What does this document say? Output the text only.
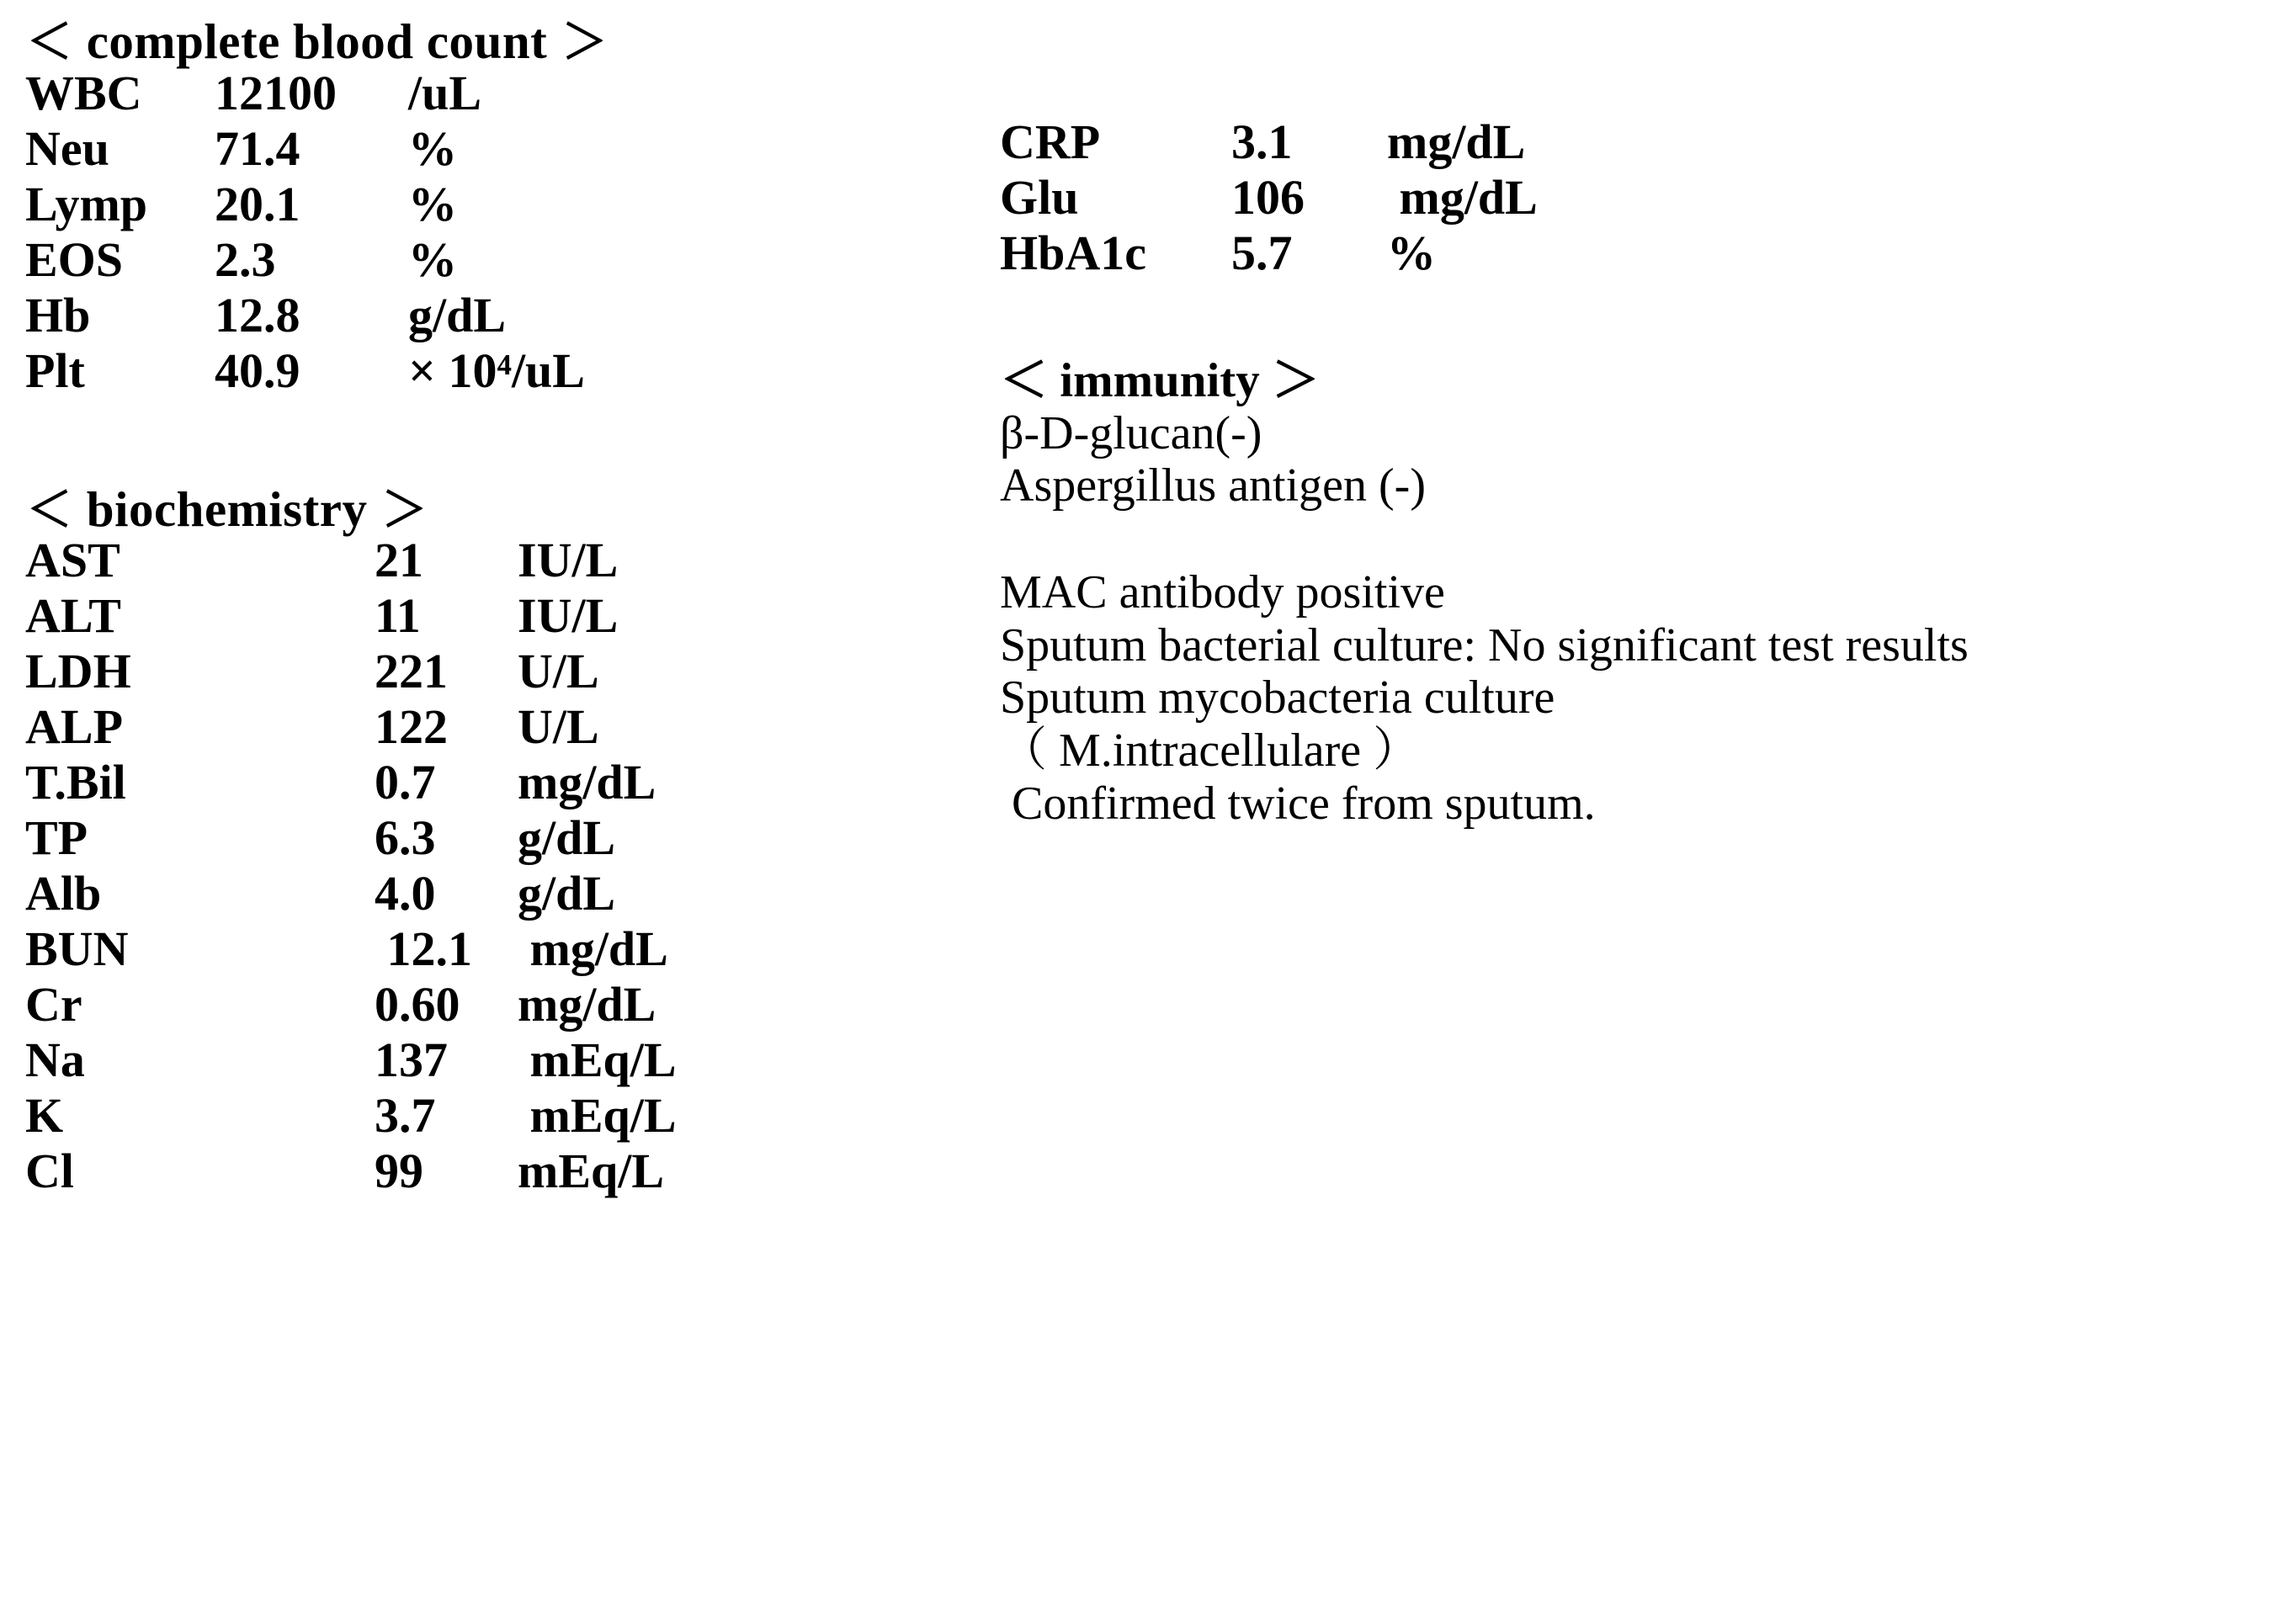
＜ complete blood count ＞
WBC	12100	/uL
Neu	71.4	%
Lymp	20.1	%
EOS	2.3	%
Hb	12.8	g/dL
Plt	40.9	× 10⁴/uL
＜ biochemistry ＞
AST	21	IU/L
ALT	11	IU/L
LDH	221	U/L
ALP	122	U/L
T.Bil	0.7	mg/dL
TP	6.3	g/dL
Alb	4.0	g/dL
BUN	12.1	mg/dL
Cr	0.60	mg/dL
Na	137	mEq/L
K	3.7	mEq/L
Cl	99	mEq/L
CRP	3.1	mg/dL
Glu	106	mg/dL
HbA1c	5.7	%
＜ immunity ＞
β-D-glucan(-)
Aspergillus antigen (-)
MAC antibody positive
Sputum bacterial culture: No significant test results
Sputum mycobacteria culture
（ M.intracellulare ）
Confirmed twice from sputum.
